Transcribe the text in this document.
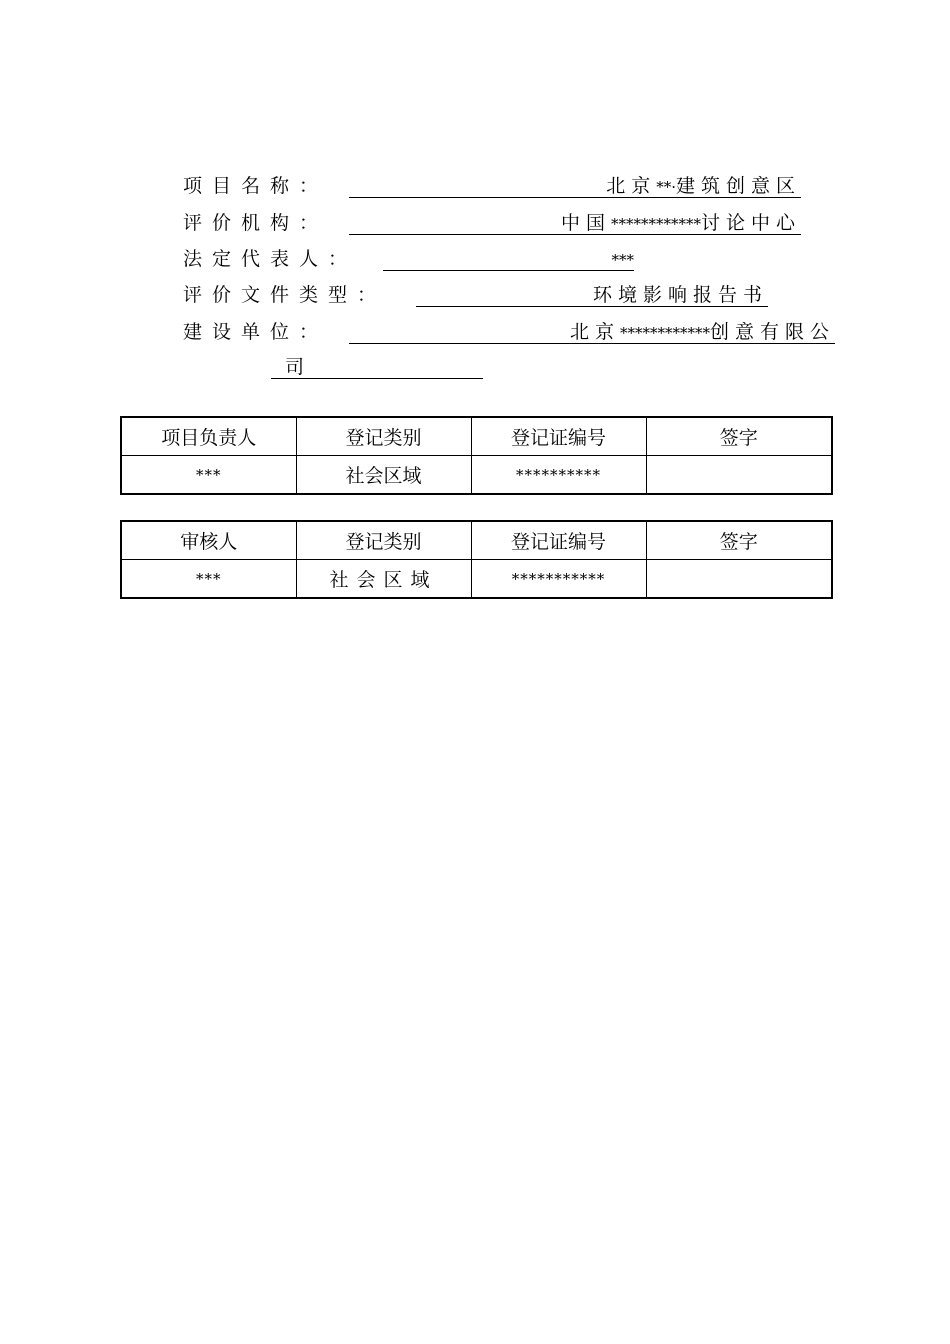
项目名称：	北京**·建筑创意区
评价机构：	中国************讨论中心
法定代表人：	***
评价文件类型：	环境影响报告书
建设单位：	北京************创意有限公
司
项目负责人	登记类别	登记证编号	签字
***	社会区域	**********	
审核人	登记类别	登记证编号	签字
***	社会区域	***********	
